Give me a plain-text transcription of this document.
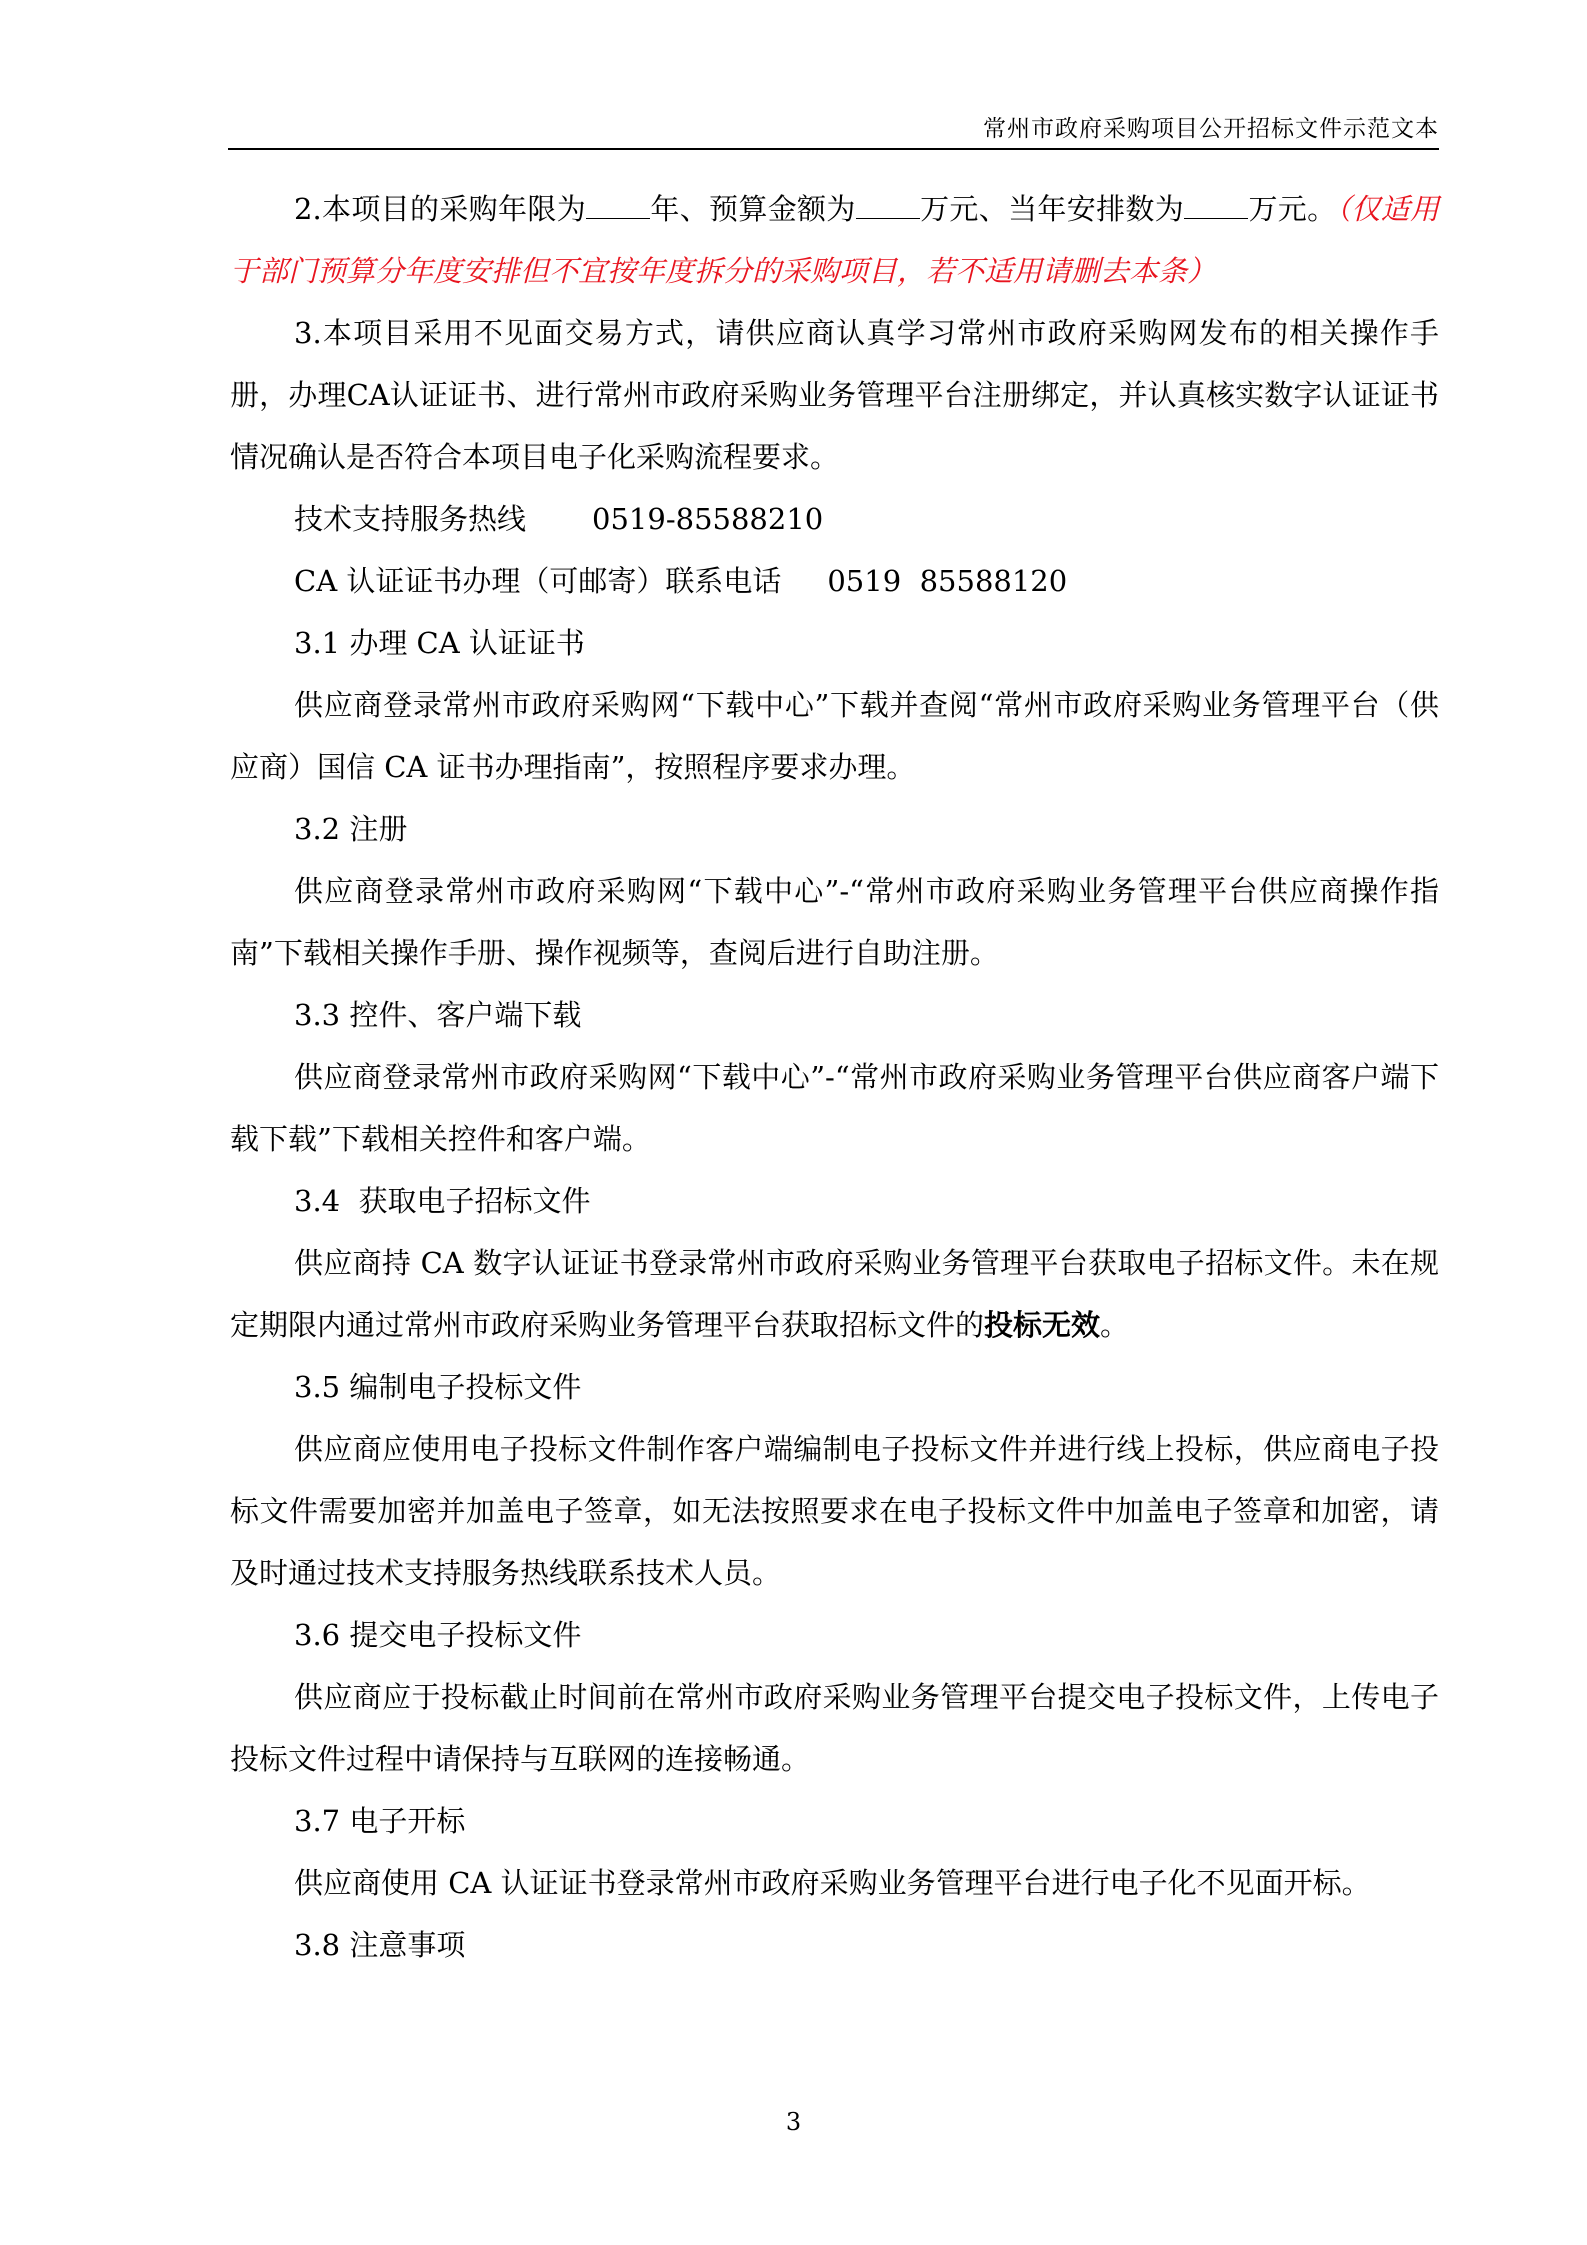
常州市政府采购项目公开招标文件示范文本

2.本项目的采购年限为 年、预算金额为 万元、当年安排数为 万元。（仅适用于部门预算分年度安排但不宜按年度拆分的采购项目，若不适用请删去本条）

3.本项目采用不见面交易方式，请供应商认真学习常州市政府采购网发布的相关操作手册，办理CA认证证书、进行常州市政府采购业务管理平台注册绑定，并认真核实数字认证证书情况确认是否符合本项目电子化采购流程要求。

技术支持服务热线 0519-85588210

CA 认证证书办理（可邮寄）联系电话 0519  85588120

3.1 办理 CA 认证证书

供应商登录常州市政府采购网“下载中心”下载并查阅“常州市政府采购业务管理平台（供应商）国信 CA 证书办理指南”，按照程序要求办理。

3.2 注册

供应商登录常州市政府采购网“下载中心”-“常州市政府采购业务管理平台供应商操作指南”下载相关操作手册、操作视频等，查阅后进行自助注册。

3.3 控件、客户端下载

供应商登录常州市政府采购网“下载中心”-“常州市政府采购业务管理平台供应商客户端下载下载”下载相关控件和客户端。

3.4  获取电子招标文件

供应商持 CA 数字认证证书登录常州市政府采购业务管理平台获取电子招标文件。未在规定期限内通过常州市政府采购业务管理平台获取招标文件的投标无效。

3.5 编制电子投标文件

供应商应使用电子投标文件制作客户端编制电子投标文件并进行线上投标，供应商电子投标文件需要加密并加盖电子签章，如无法按照要求在电子投标文件中加盖电子签章和加密，请及时通过技术支持服务热线联系技术人员。

3.6 提交电子投标文件

供应商应于投标截止时间前在常州市政府采购业务管理平台提交电子投标文件，上传电子投标文件过程中请保持与互联网的连接畅通。

3.7 电子开标

供应商使用 CA 认证证书登录常州市政府采购业务管理平台进行电子化不见面开标。

3.8 注意事项

3
